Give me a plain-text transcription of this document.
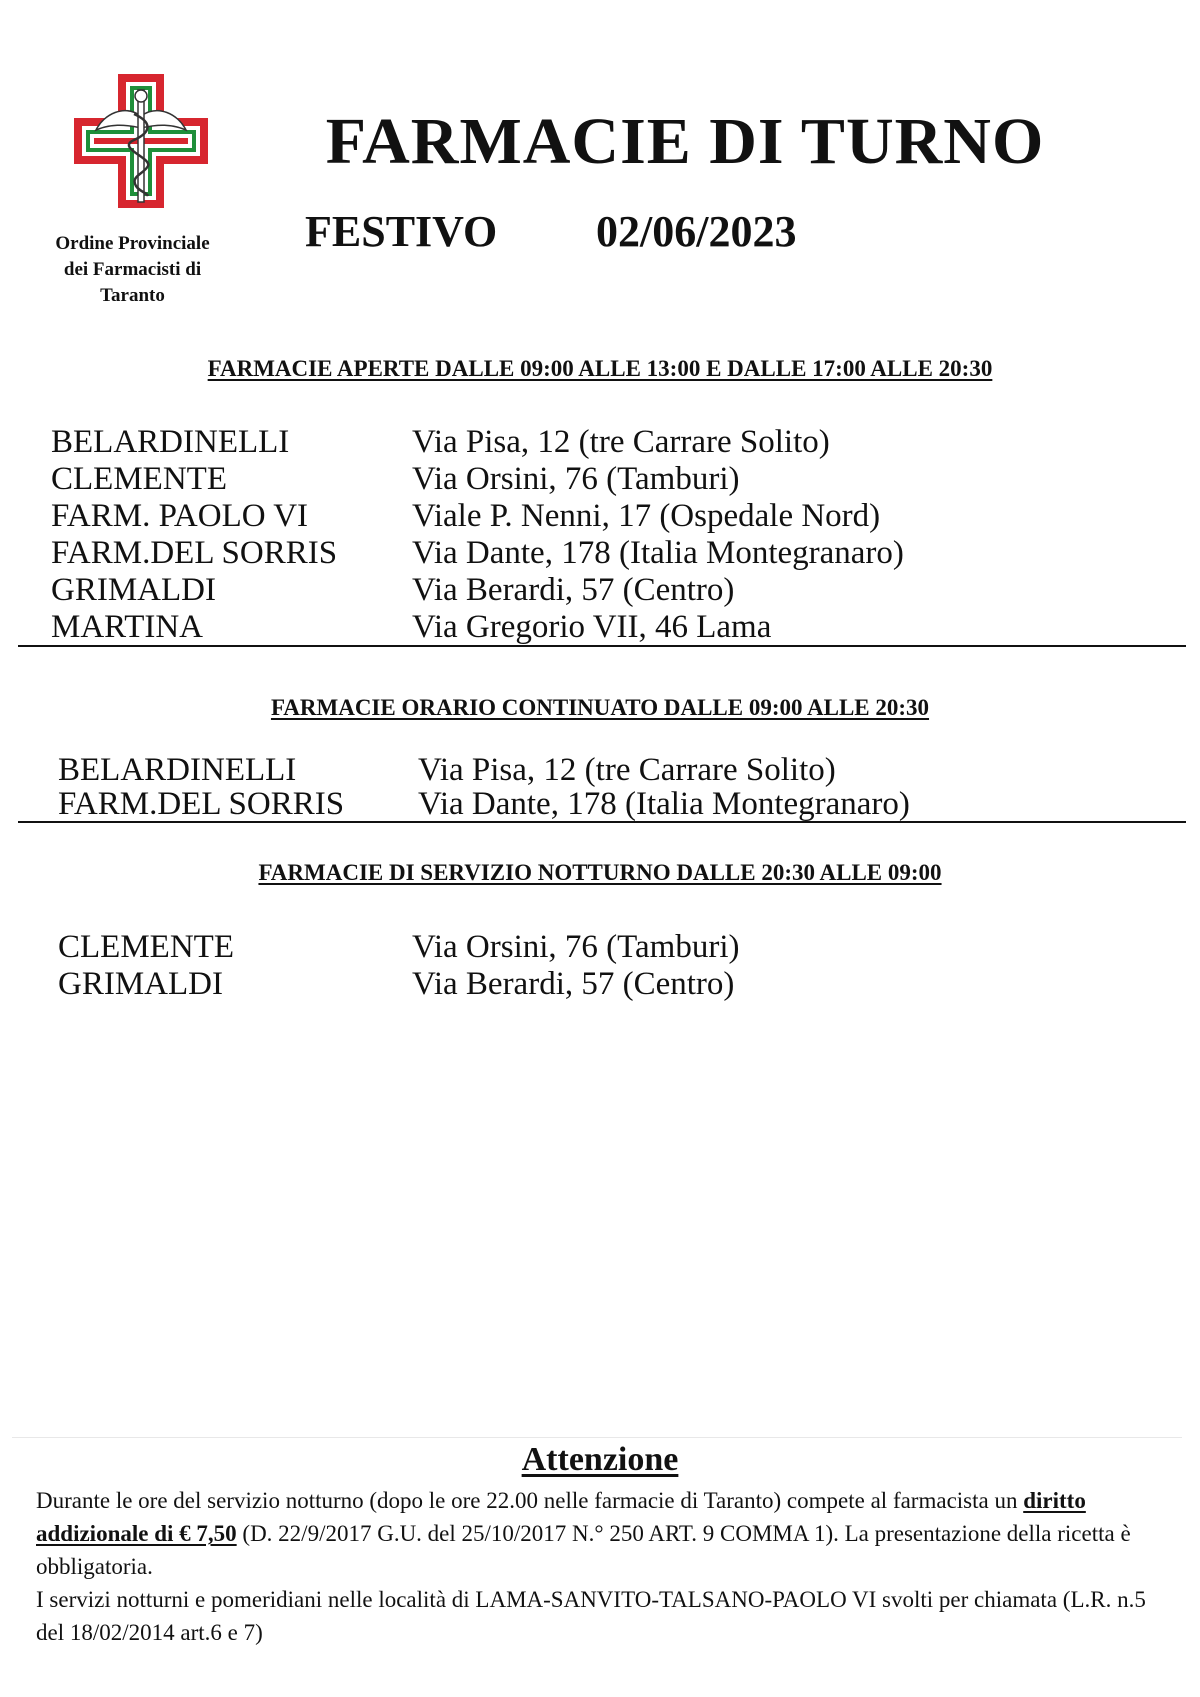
Ordine Provinciale
dei Farmacisti di
Taranto
FARMACIE DI TURNO
FESTIVO 02/06/2023
FARMACIE APERTE DALLE 09:00 ALLE 13:00 E DALLE 17:00 ALLE 20:30
BELARDINELLI	Via Pisa, 12 (tre Carrare Solito)
CLEMENTE	Via Orsini, 76 (Tamburi)
FARM. PAOLO VI	Viale P. Nenni, 17 (Ospedale Nord)
FARM.DEL SORRIS Via Dante, 178 (Italia Montegranaro)
GRIMALDI	Via Berardi, 57 (Centro)
MARTINA	Via Gregorio VII, 46 Lama
FARMACIE ORARIO CONTINUATO DALLE 09:00 ALLE 20:30
BELARDINELLI	Via Pisa, 12 (tre Carrare Solito)
FARM.DEL SORRIS Via Dante, 178 (Italia Montegranaro)
FARMACIE DI SERVIZIO NOTTURNO DALLE 20:30 ALLE 09:00
CLEMENTE	Via Orsini, 76 (Tamburi)
GRIMALDI	Via Berardi, 57 (Centro)
Attenzione

Durante le ore del servizio notturno (dopo le ore 22.00 nelle farmacie di Taranto) compete al farmacista un diritto addizionale di € 7,50 (D. 22/9/2017 G.U. del 25/10/2017 N.° 250 ART. 9 COMMA 1). La presentazione della ricetta è obbligatoria.

I servizi notturni e pomeridiani nelle località di LAMA-SANVITO-TALSANO-PAOLO VI svolti per chiamata (L.R. n.5 del 18/02/2014 art.6 e 7)
